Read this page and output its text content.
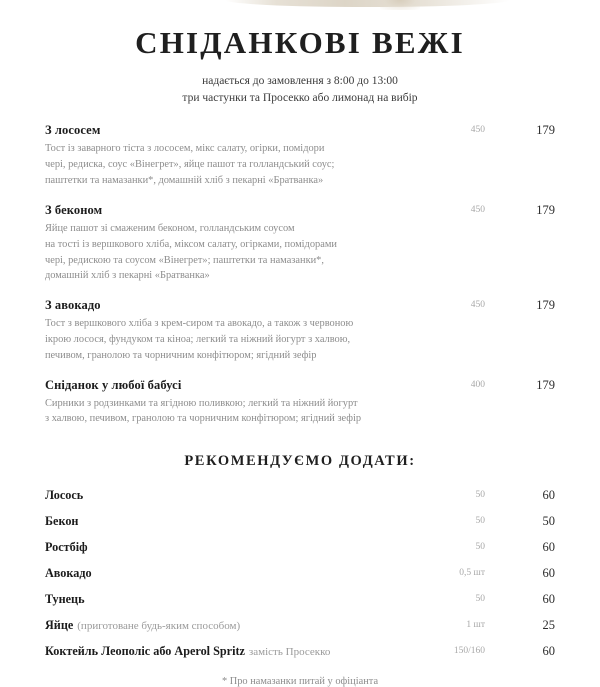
СНІДАНКОВІ ВЕЖІ
надається до замовлення з 8:00 до 13:00
три частунки та Просекко або лимонад на вибір
З лососем
Тост із заварного тіста з лососем, мікс салату, огірки, помідори
чері, редиска, соус «Вінегрет», яйце пашот та голландський соус;
паштетки та намазанки*, домашній хліб з пекарні «Братванка»
450	179
З беконом
Яйце пашот зі смаженим беконом, голландським соусом
на тості із вершкового хліба, міксом салату, огірками, помідорами
чері, редискою та соусом «Вінегрет»; паштетки та намазанки*,
домашній хліб з пекарні «Братванка»
450	179
З авокадо
Тост з вершкового хліба з крем-сиром та авокадо, а також з червоною
ікрою лосося, фундуком та кіноа; легкий та ніжний йогурт з халвою,
печивом, гранолою та чорничним конфітюром; ягідний зефір
450	179
Сніданок у любої бабусі
Сирники з родзинками та ягідною поливкою; легкий та ніжний йогурт
з халвою, печивом, гранолою та чорничним конфітюром; ягідний зефір
400	179
РЕКОМЕНДУЄМО ДОДАТИ:
Лосось	50	60
Бекон	50	50
Ростбіф	50	60
Авокадо	0,5 шт	60
Тунець	50	60
Яйце (приготоване будь-яким способом)	1 шт	25
Коктейль Леополіс або Aperol Spritz замість Просекко	150/160	60
* Про намазанки питай у офіціанта
